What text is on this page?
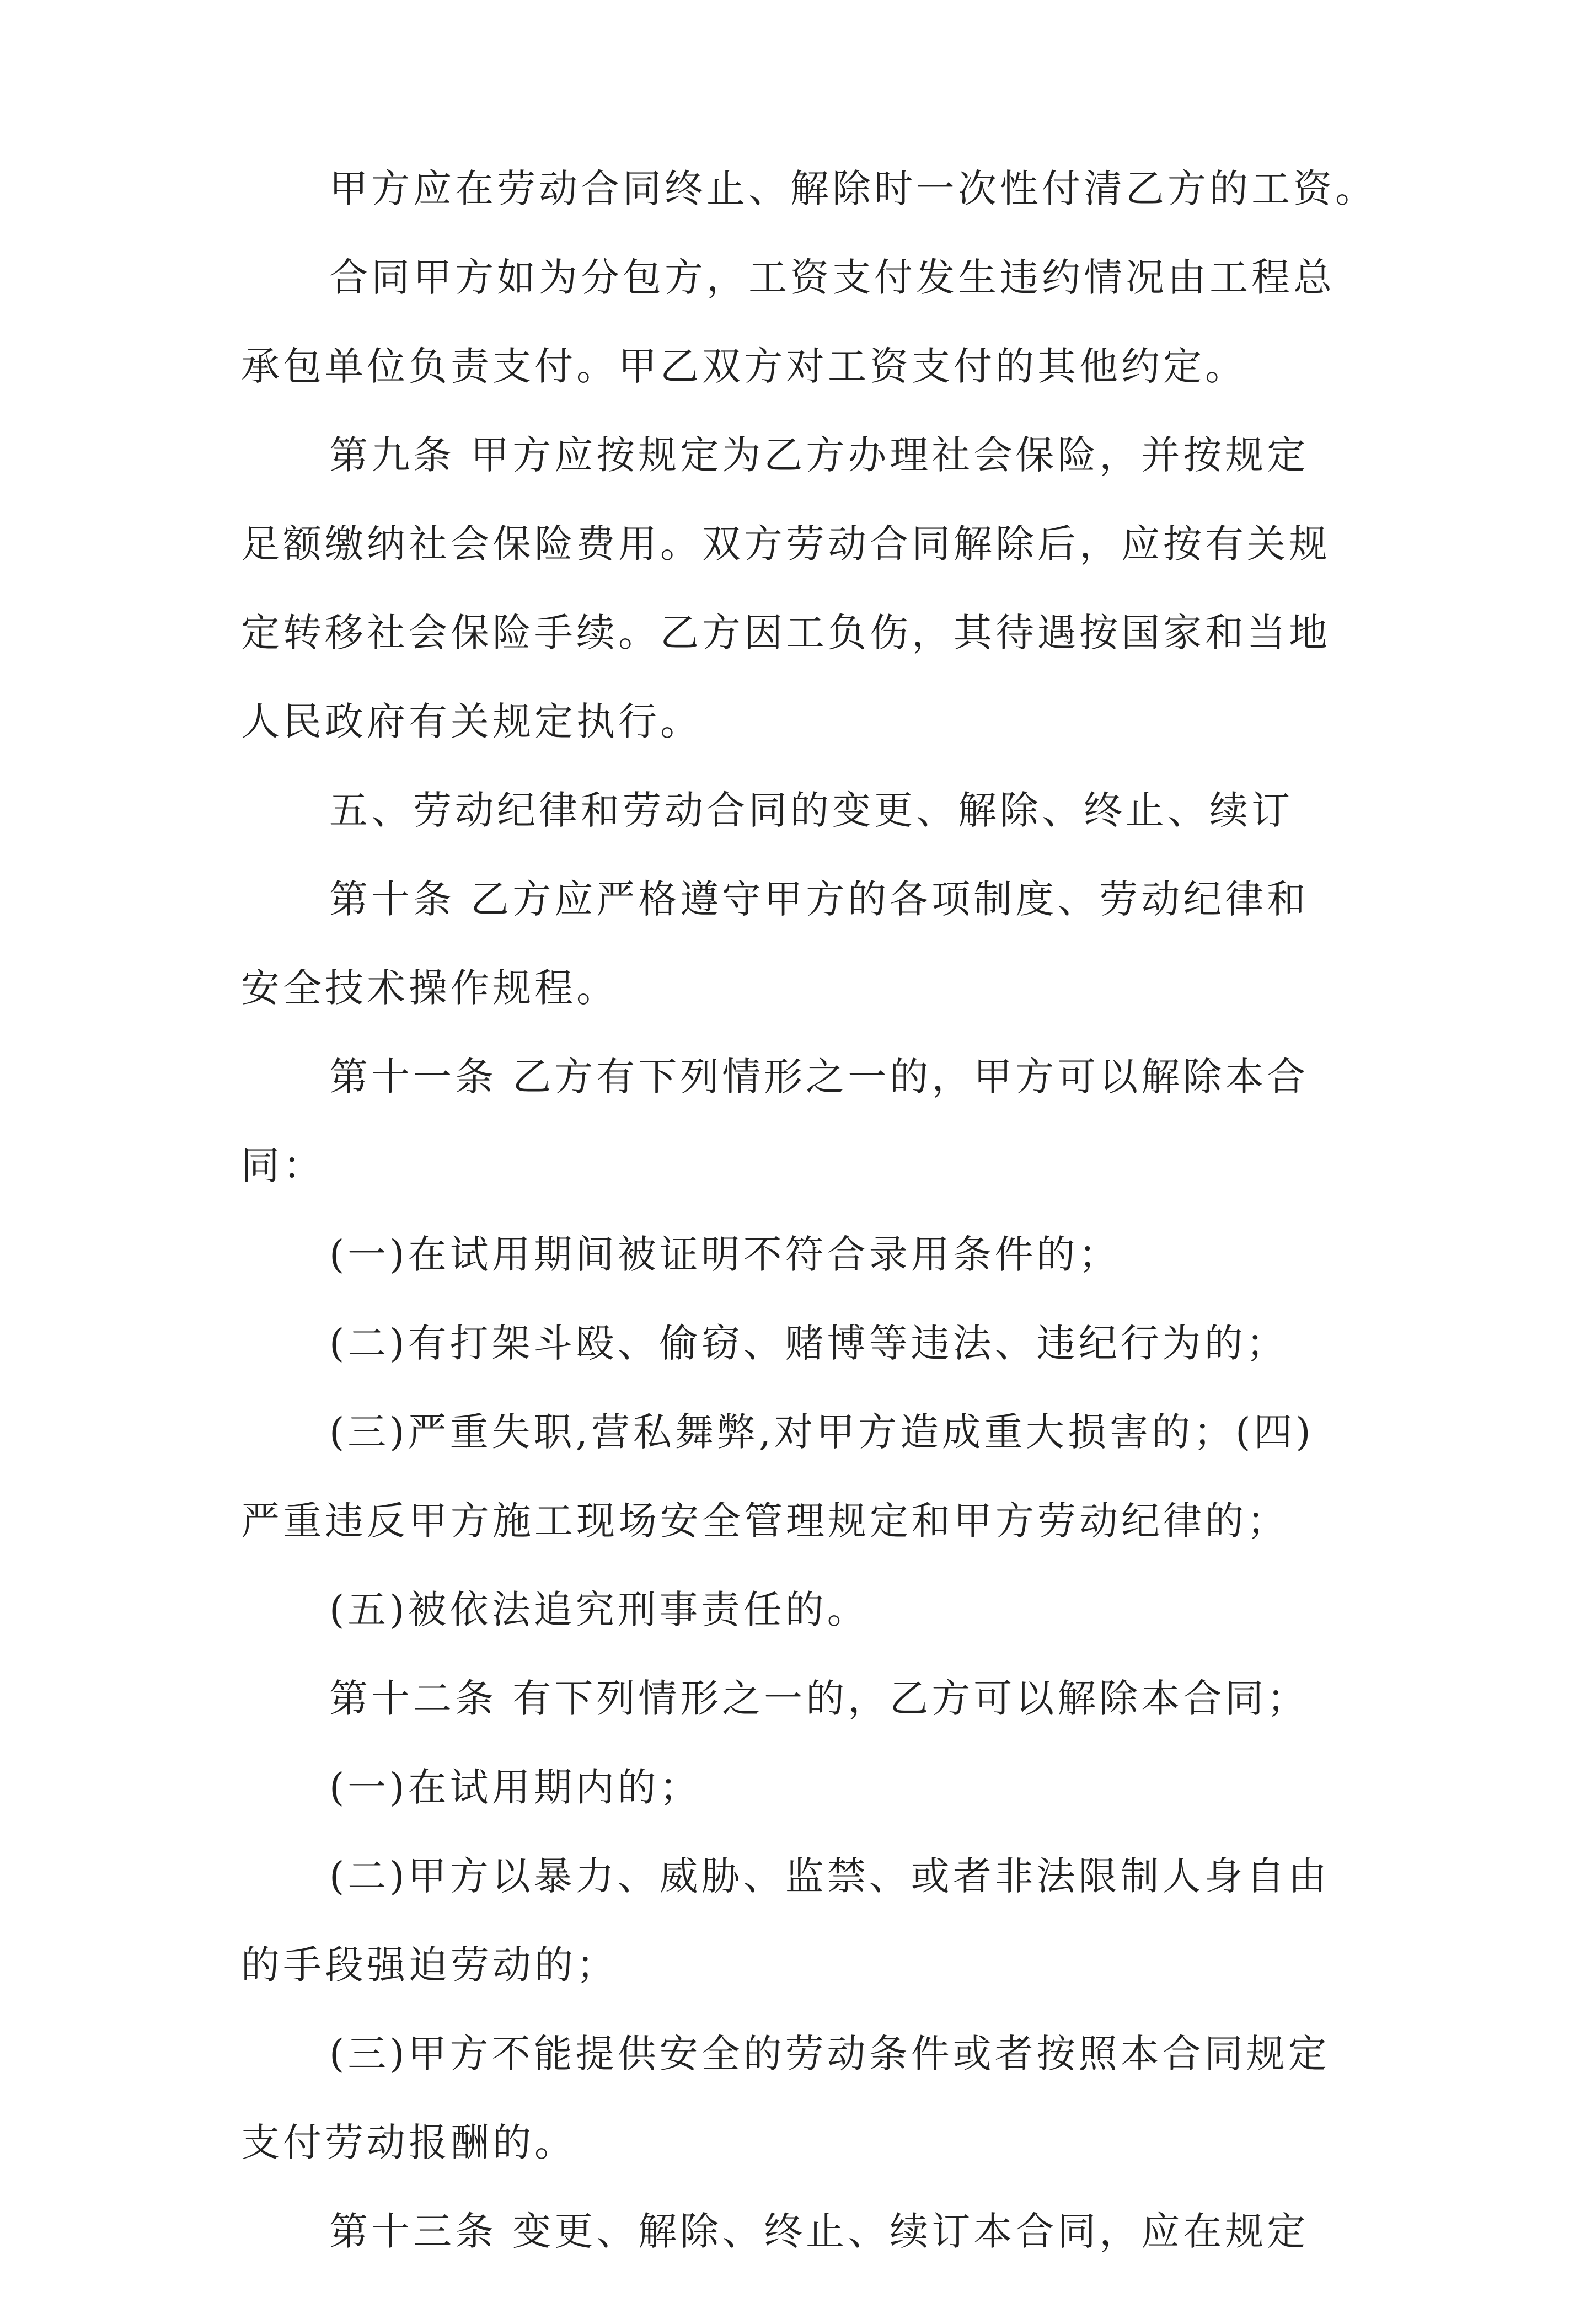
甲方应在劳动合同终止、解除时一次性付清乙方的工资。
合同甲方如为分包方，工资支付发生违约情况由工程总
承包单位负责支付。甲乙双方对工资支付的其他约定。
第九条 甲方应按规定为乙方办理社会保险，并按规定
足额缴纳社会保险费用。双方劳动合同解除后，应按有关规
定转移社会保险手续。乙方因工负伤，其待遇按国家和当地
人民政府有关规定执行。
五、劳动纪律和劳动合同的变更、解除、终止、续订
第十条 乙方应严格遵守甲方的各项制度、劳动纪律和
安全技术操作规程。
第十一条 乙方有下列情形之一的，甲方可以解除本合
同：
(一)在试用期间被证明不符合录用条件的；
(二)有打架斗殴、偷窃、赌博等违法、违纪行为的；
(三)严重失职,营私舞弊,对甲方造成重大损害的；(四)
严重违反甲方施工现场安全管理规定和甲方劳动纪律的；
(五)被依法追究刑事责任的。
第十二条 有下列情形之一的，乙方可以解除本合同；
(一)在试用期内的；
(二)甲方以暴力、威胁、监禁、或者非法限制人身自由
的手段强迫劳动的；
(三)甲方不能提供安全的劳动条件或者按照本合同规定
支付劳动报酬的。
第十三条 变更、解除、终止、续订本合同，应在规定
